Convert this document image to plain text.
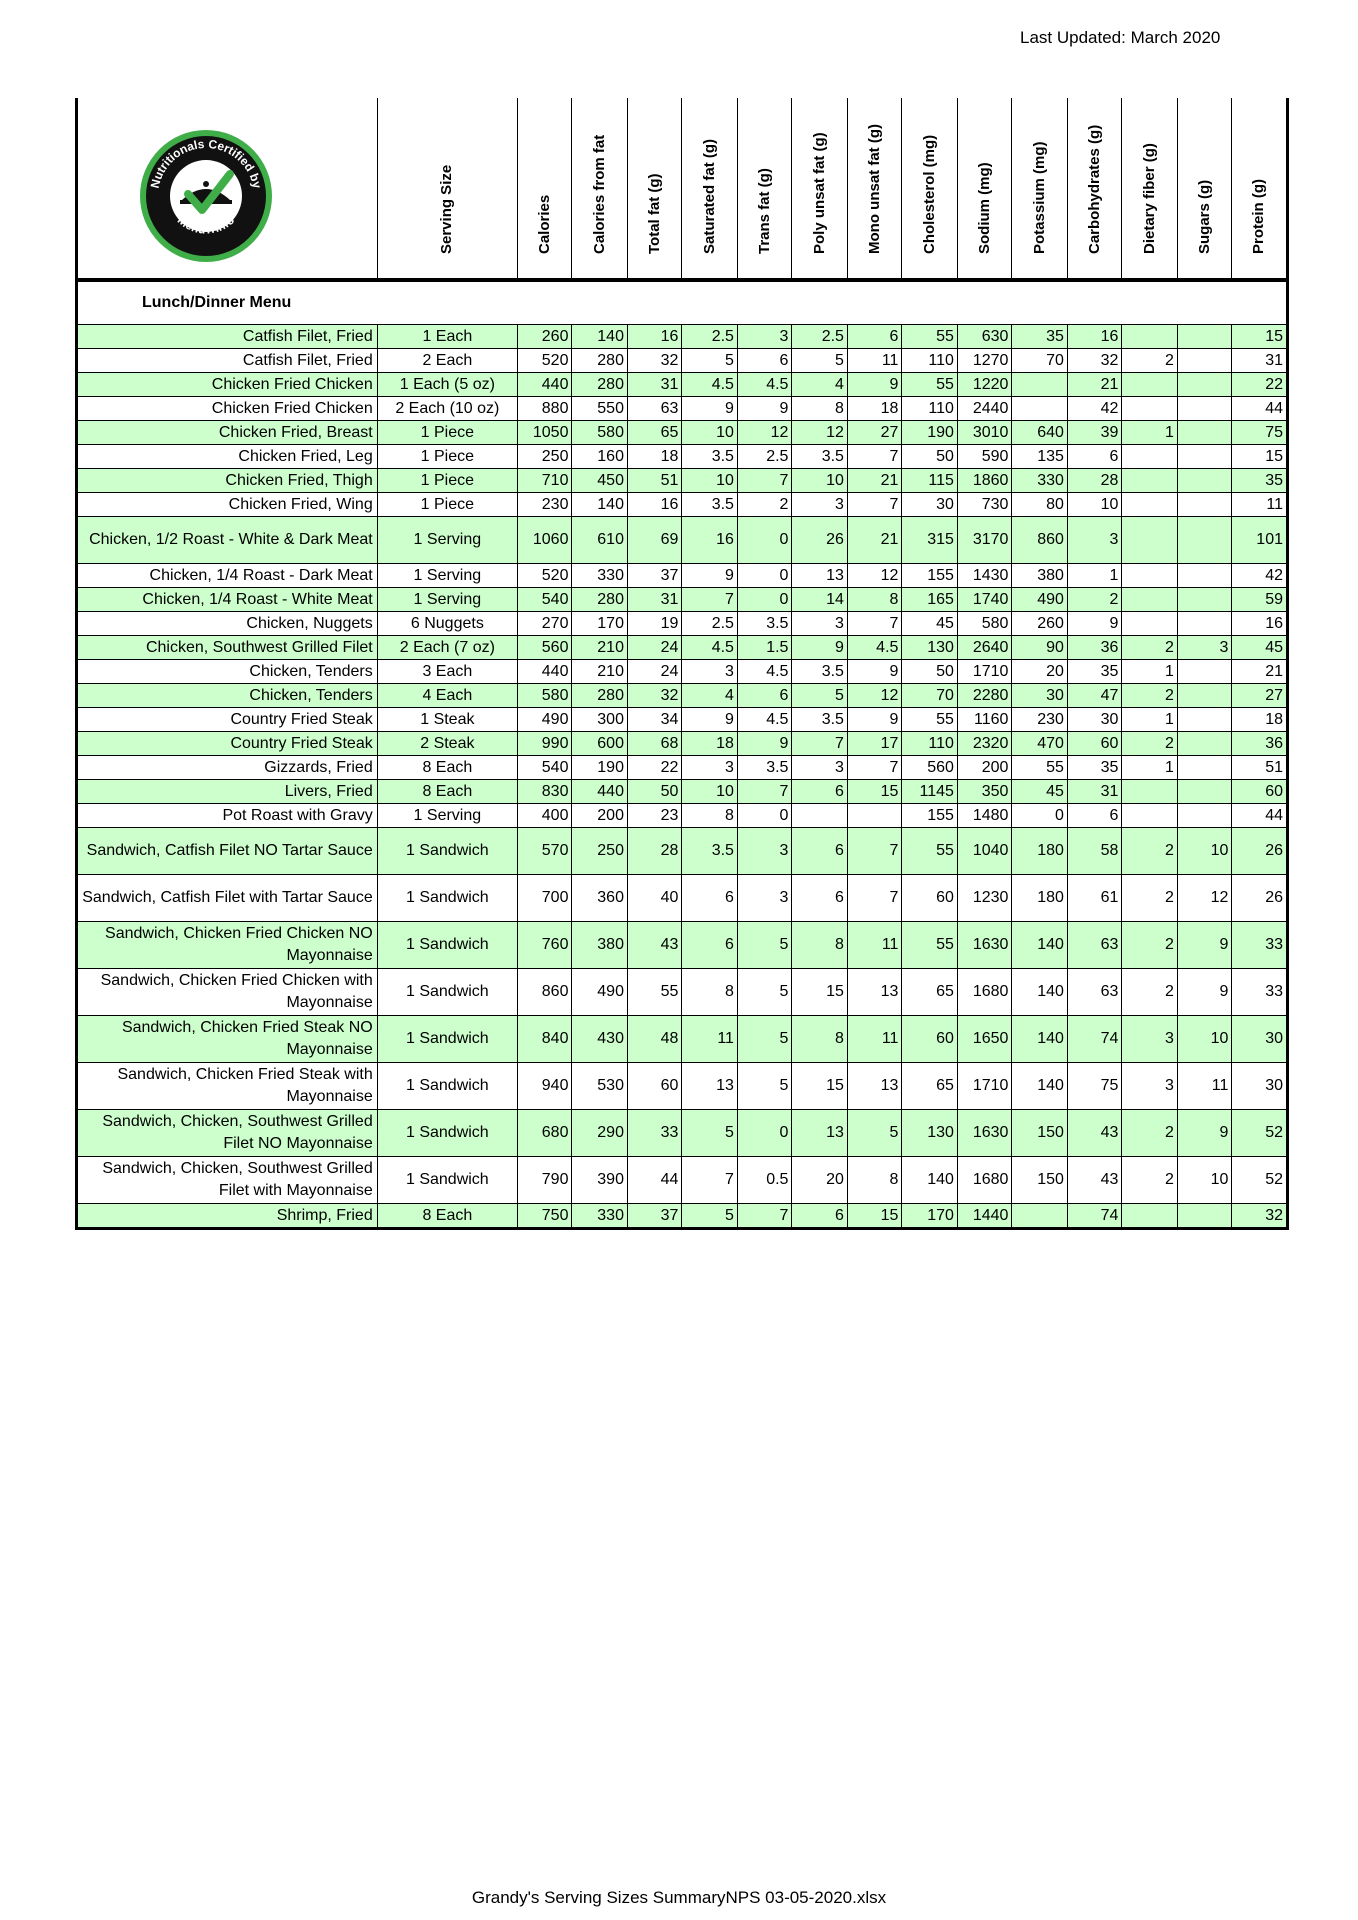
Last Updated: March 2020
Nutritionals Certified by
MenuTrinfo	Serving Size	Calories	Calories from fat	Total fat (g)	Saturated fat (g)	Trans fat (g)	Poly unsat fat (g)	Mono unsat fat (g)	Cholesterol (mg)	Sodium (mg)	Potassium (mg)	Carbohydrates (g)	Dietary fiber (g)	Sugars (g)	Protein (g)

Lunch/Dinner Menu															
Catfish Filet, Fried	1 Each	260	140	16	2.5	3	2.5	6	55	630	35	16			15
Catfish Filet, Fried	2 Each	520	280	32	5	6	5	11	110	1270	70	32	2		31
Chicken Fried Chicken	1 Each (5 oz)	440	280	31	4.5	4.5	4	9	55	1220		21			22
Chicken Fried Chicken	2 Each (10 oz)	880	550	63	9	9	8	18	110	2440		42			44
Chicken Fried, Breast	1 Piece	1050	580	65	10	12	12	27	190	3010	640	39	1		75
Chicken Fried, Leg	1 Piece	250	160	18	3.5	2.5	3.5	7	50	590	135	6			15
Chicken Fried, Thigh	1 Piece	710	450	51	10	7	10	21	115	1860	330	28			35
Chicken Fried, Wing	1 Piece	230	140	16	3.5	2	3	7	30	730	80	10			11
Chicken, 1/2 Roast - White & Dark Meat	1 Serving	1060	610	69	16	0	26	21	315	3170	860	3			101
Chicken, 1/4 Roast - Dark Meat	1 Serving	520	330	37	9	0	13	12	155	1430	380	1			42
Chicken, 1/4 Roast - White Meat	1 Serving	540	280	31	7	0	14	8	165	1740	490	2			59
Chicken, Nuggets	6 Nuggets	270	170	19	2.5	3.5	3	7	45	580	260	9			16
Chicken, Southwest Grilled Filet	2 Each (7 oz)	560	210	24	4.5	1.5	9	4.5	130	2640	90	36	2	3	45
Chicken, Tenders	3 Each	440	210	24	3	4.5	3.5	9	50	1710	20	35	1		21
Chicken, Tenders	4 Each	580	280	32	4	6	5	12	70	2280	30	47	2		27
Country Fried Steak	1 Steak	490	300	34	9	4.5	3.5	9	55	1160	230	30	1		18
Country Fried Steak	2 Steak	990	600	68	18	9	7	17	110	2320	470	60	2		36
Gizzards, Fried	8 Each	540	190	22	3	3.5	3	7	560	200	55	35	1		51
Livers, Fried	8 Each	830	440	50	10	7	6	15	1145	350	45	31			60
Pot Roast with Gravy	1 Serving	400	200	23	8	0			155	1480	0	6			44
Sandwich, Catfish Filet NO Tartar Sauce	1 Sandwich	570	250	28	3.5	3	6	7	55	1040	180	58	2	10	26
Sandwich, Catfish Filet with Tartar Sauce	1 Sandwich	700	360	40	6	3	6	7	60	1230	180	61	2	12	26
Sandwich, Chicken Fried Chicken NO Mayonnaise	1 Sandwich	760	380	43	6	5	8	11	55	1630	140	63	2	9	33
Sandwich, Chicken Fried Chicken with Mayonnaise	1 Sandwich	860	490	55	8	5	15	13	65	1680	140	63	2	9	33
Sandwich, Chicken Fried Steak NO Mayonnaise	1 Sandwich	840	430	48	11	5	8	11	60	1650	140	74	3	10	30
Sandwich, Chicken Fried Steak with Mayonnaise	1 Sandwich	940	530	60	13	5	15	13	65	1710	140	75	3	11	30
Sandwich, Chicken, Southwest Grilled Filet NO Mayonnaise	1 Sandwich	680	290	33	5	0	13	5	130	1630	150	43	2	9	52
Sandwich, Chicken, Southwest Grilled Filet with Mayonnaise	1 Sandwich	790	390	44	7	0.5	20	8	140	1680	150	43	2	10	52
Shrimp, Fried	8 Each	750	330	37	5	7	6	15	170	1440		74			32
Grandy's Serving Sizes SummaryNPS 03-05-2020.xlsx
